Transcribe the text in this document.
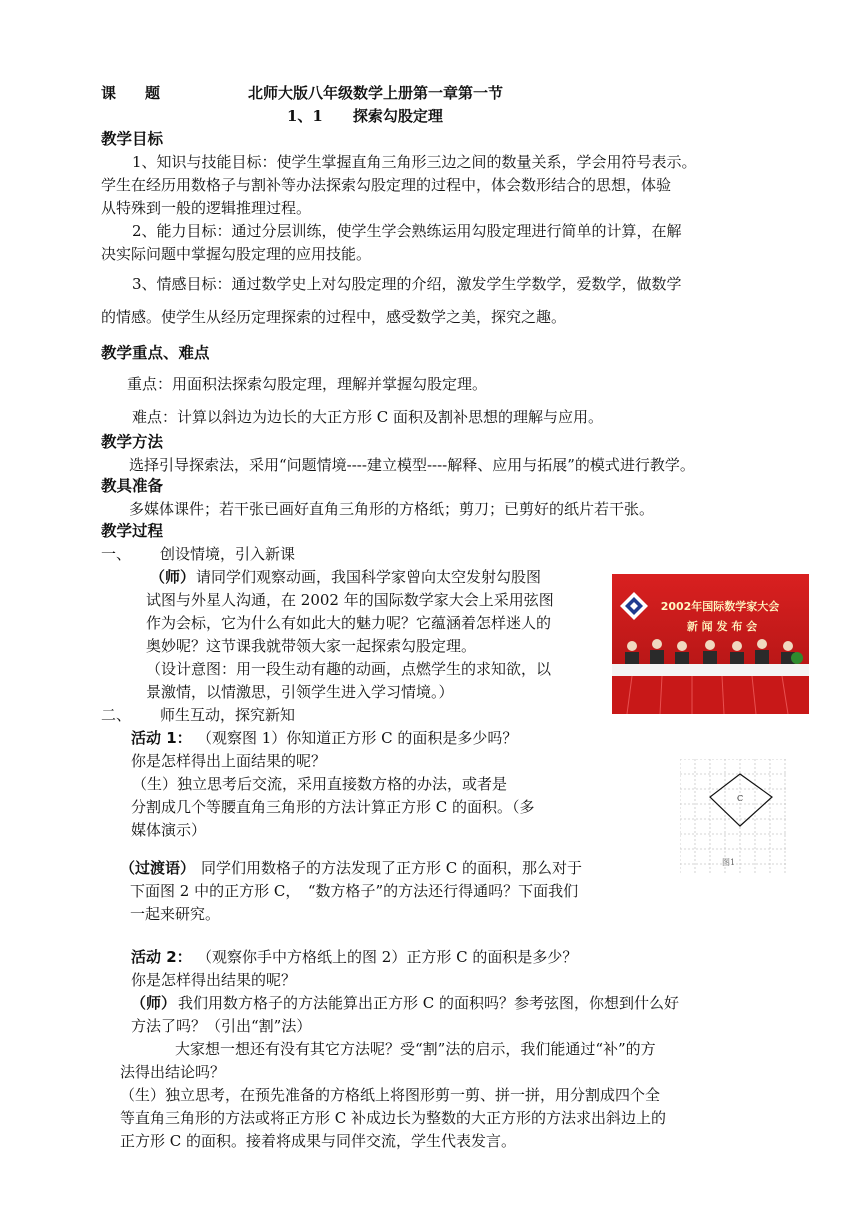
课 题	北师大版八年级数学上册第一章第一节
1、1　　探索勾股定理
教学目标
1、知识与技能目标：使学生掌握直角三角形三边之间的数量关系，学会用符号表示。
学生在经历用数格子与割补等办法探索勾股定理的过程中，体会数形结合的思想，体验
从特殊到一般的逻辑推理过程。
2、能力目标：通过分层训练，使学生学会熟练运用勾股定理进行简单的计算，在解
决实际问题中掌握勾股定理的应用技能。
3、情感目标：通过数学史上对勾股定理的介绍，激发学生学数学，爱数学，做数学
的情感。使学生从经历定理探索的过程中，感受数学之美，探究之趣。
教学重点、难点
重点：用面积法探索勾股定理，理解并掌握勾股定理。
难点：计算以斜边为边长的大正方形 C 面积及割补思想的理解与应用。
教学方法
选择引导探索法，采用“问题情境----建立模型----解释、应用与拓展”的模式进行教学。
教具准备
多媒体课件；若干张已画好直角三角形的方格纸；剪刀；已剪好的纸片若干张。
教学过程
一、 创设情境，引入新课
（师） 请同学们观察动画，我国科学家曾向太空发射勾股图
试图与外星人沟通，在 2002 年的国际数学家大会上采用弦图
作为会标，它为什么有如此大的魅力呢？它蕴涵着怎样迷人的
奥妙呢？这节课我就带领大家一起探索勾股定理。
（设计意图：用一段生动有趣的动画，点燃学生的求知欲，以
景激情，以情激思，引领学生进入学习情境。）
2002年国际数学家大会
新 闻 发 布 会
二、 师生互动，探究新知
活动 1： （观察图 1）你知道正方形 C 的面积是多少吗？
你是怎样得出上面结果的呢？
（生）独立思考后交流，采用直接数方格的办法，或者是
分割成几个等腰直角三角形的方法计算正方形 C 的面积。（多
媒体演示）
C
图1
（过渡语） 同学们用数格子的方法发现了正方形 C 的面积，那么对于
下面图 2 中的正方形 C，　“数方格子”的方法还行得通吗？下面我们
一起来研究。
活动 2： （观察你手中方格纸上的图 2）正方形 C 的面积是多少？
你是怎样得出结果的呢？
（师） 我们用数方格子的方法能算出正方形 C 的面积吗？参考弦图，你想到什么好
方法了吗？（引出“割”法）
大家想一想还有没有其它方法呢？受“割”法的启示，我们能通过“补”的方
法得出结论吗？
（生）独立思考，在预先准备的方格纸上将图形剪一剪、拼一拼，用分割成四个全
等直角三角形的方法或将正方形 C 补成边长为整数的大正方形的方法求出斜边上的
正方形 C 的面积。接着将成果与同伴交流，学生代表发言。
